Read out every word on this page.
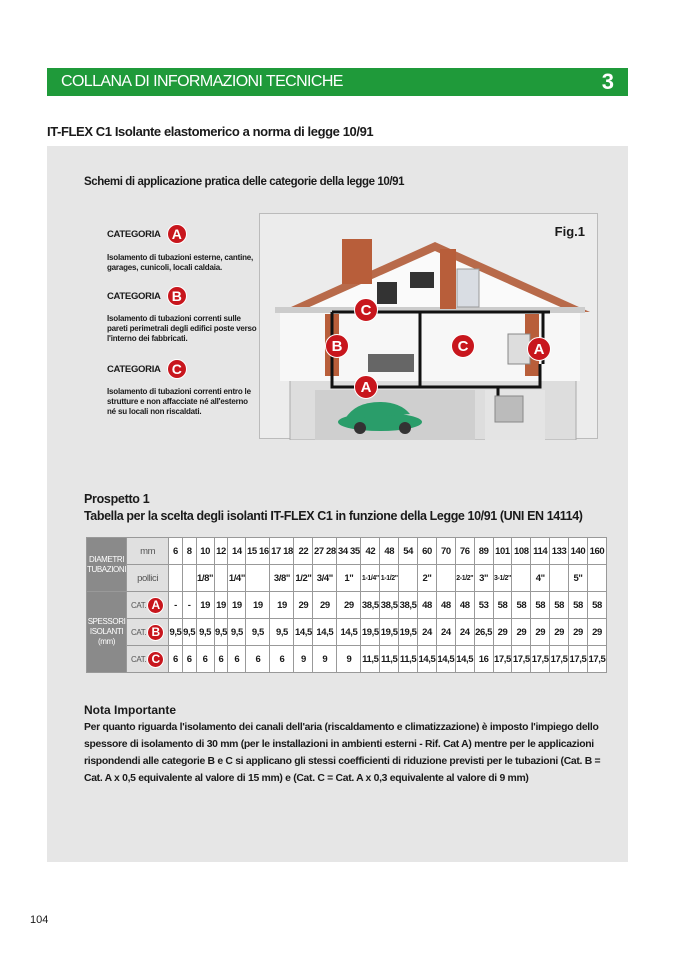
COLLANA DI INFORMAZIONI TECNICHE	3
IT-FLEX C1 Isolante elastomerico a norma di legge 10/91
Schemi di applicazione pratica delle categorie della legge 10/91
CATEGORIA A
Isolamento di tubazioni esterne, cantine, garages, cunicoli, locali caldaia.
CATEGORIA B
Isolamento di tubazioni correnti sulle pareti perimetrali degli edifici poste verso l'interno dei fabbricati.
CATEGORIA C
Isolamento di tubazioni correnti entro le strutture e non affacciate né all'esterno né su locali non riscaldati.
Fig.1
C
B	C	A
A
Prospetto 1
Tabella per la scelta degli isolanti IT-FLEX C1 in funzione della Legge 10/91 (UNI EN 14114)
DIAMETRI TUBAZIONI	mm	6	8	10	12	14	15 16	17 18	22	27 28	34 35	42	48	54	60	70	76	89	101	108	114	133	140	160
	pollici			1/8"		1/4"		3/8"	1/2"	3/4"	1"	1-1/4"	1-1/2"		2"		2-1/2"	3"	3-1/2"		4"		5"	
SPESSORI ISOLANTI (mm)	CAT. A	-	-	19	19	19	19	19	29	29	29	38,5	38,5	38,5	48	48	48	53	58	58	58	58	58	58

	CAT. B	9,5	9,5	9,5	9,5	9,5	9,5	9,5	14,5	14,5	14,5	19,5	19,5	19,5	24	24	24	26,5	29	29	29	29	29	29

	CAT. C	6	6	6	6	6	6	6	9	9	9	11,5	11,5	11,5	14,5	14,5	14,5	16	17,5	17,5	17,5	17,5	17,5	17,5
Nota Importante
Per quanto riguarda l'isolamento dei canali dell'aria (riscaldamento e climatizzazione) è imposto l'impiego dello spessore di isolamento di 30 mm (per le installazioni in ambienti esterni - Rif. Cat A) mentre per le applicazioni rispondendi alle categorie B e C si applicano gli stessi coefficienti di riduzione previsti per le tubazioni (Cat. B = Cat. A x 0,5 equivalente al valore di 15 mm) e (Cat. C = Cat. A x 0,3 equivalente al valore di 9 mm)
104
